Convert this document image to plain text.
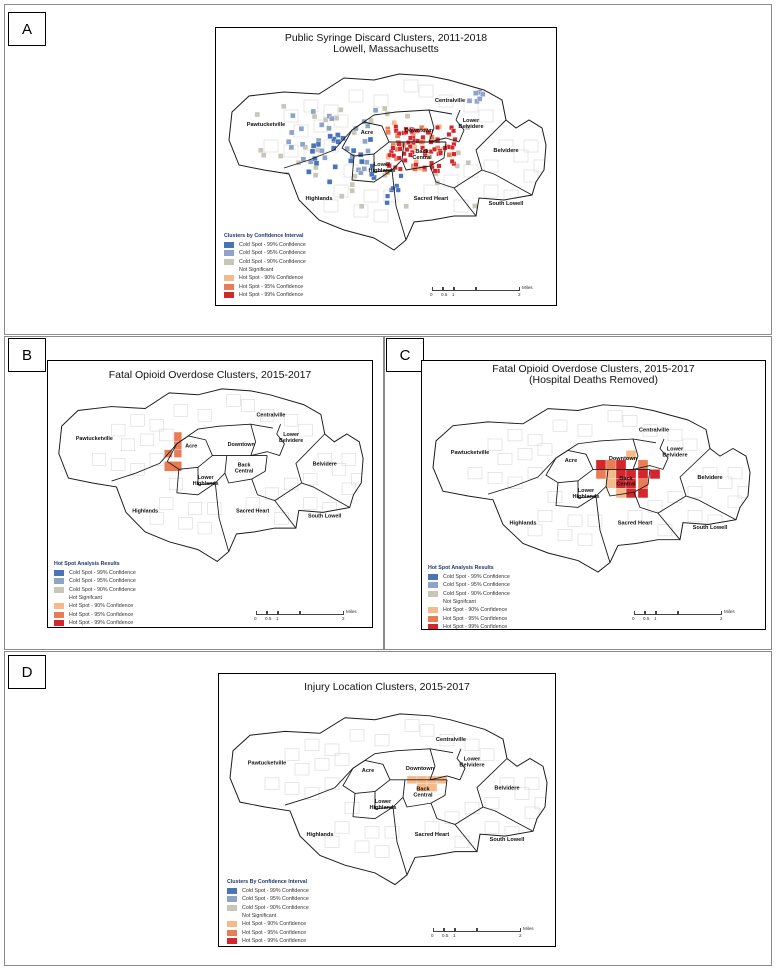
A
B	C
D
Public Syringe Discard Clusters, 2011-2018
Lowell, Massachusetts
Pawtucketville
Centralville
Lower Belvidere
Acre	Downtown
Back Central
Belvidere
Lower Highlands
Highlands	Sacred Heart
South Lowell
Clusters by Confidence Interval
Cold Spot - 99% Confidence
Cold Spot - 95% Confidence
Cold Spot - 90% Confidence
Not Significant
Hot Spot - 90% Confidence
Hot Spot - 95% Confidence
Hot Spot - 99% Confidence	0 0.5 1	2
Miles
Fatal Opioid Overdose Clusters, 2015-2017
Pawtucketville
Centralville
Lower Belvidere
Acre	Downtown
Back Central
Belvidere
Lower Highlands
Highlands	Sacred Heart
South Lowell
Hot Spot Analysis Results
Cold Spot - 99% Confidence
Cold Spot - 95% Confidence
Cold Spot - 90% Confidence
Hot Signifcant
Hot Spot - 90% Confidence
Hot Spot - 95% Confidence
Hot Spot - 99% Confidence
0 0.5 1	2
Miles
Fatal Opioid Overdose Clusters, 2015-2017
(Hospital Deaths Removed)
Pawtucketville
Centralville
Lower Belvidere
Acre	Downtown
Back Central
Belvidere
Lower Highlands
Highlands	Sacred Heart
South Lowell
Hot Spot Analysis Results
Cold Spot - 99% Confidence
Cold Spot - 95% Confidence
Cold Spot - 90% Confidence
Not Signifcant
Hot Spot - 90% Confidence
Hot Spot - 95% Confidence
Hot Spot - 99% Confidence
0 0.5 1	2
Miles
Injury Location Clusters, 2015-2017
Pawtucketville
Centralville
Lower Belvidere
Acre	Downtown
Back Central
Belvidere
Lower Highlands
Highlands	Sacred Heart
South Lowell
Clusters By Confidence Interval
Cold Spot - 99% Confidence
Cold Spot - 95% Confidence
Cold Spot - 90% Confidence
Not Significant
Hot Spot - 90% Confidence
Hot Spot - 95% Confidence
Hot Spot - 99% Confidence
0 0.5 1	2
Miles
